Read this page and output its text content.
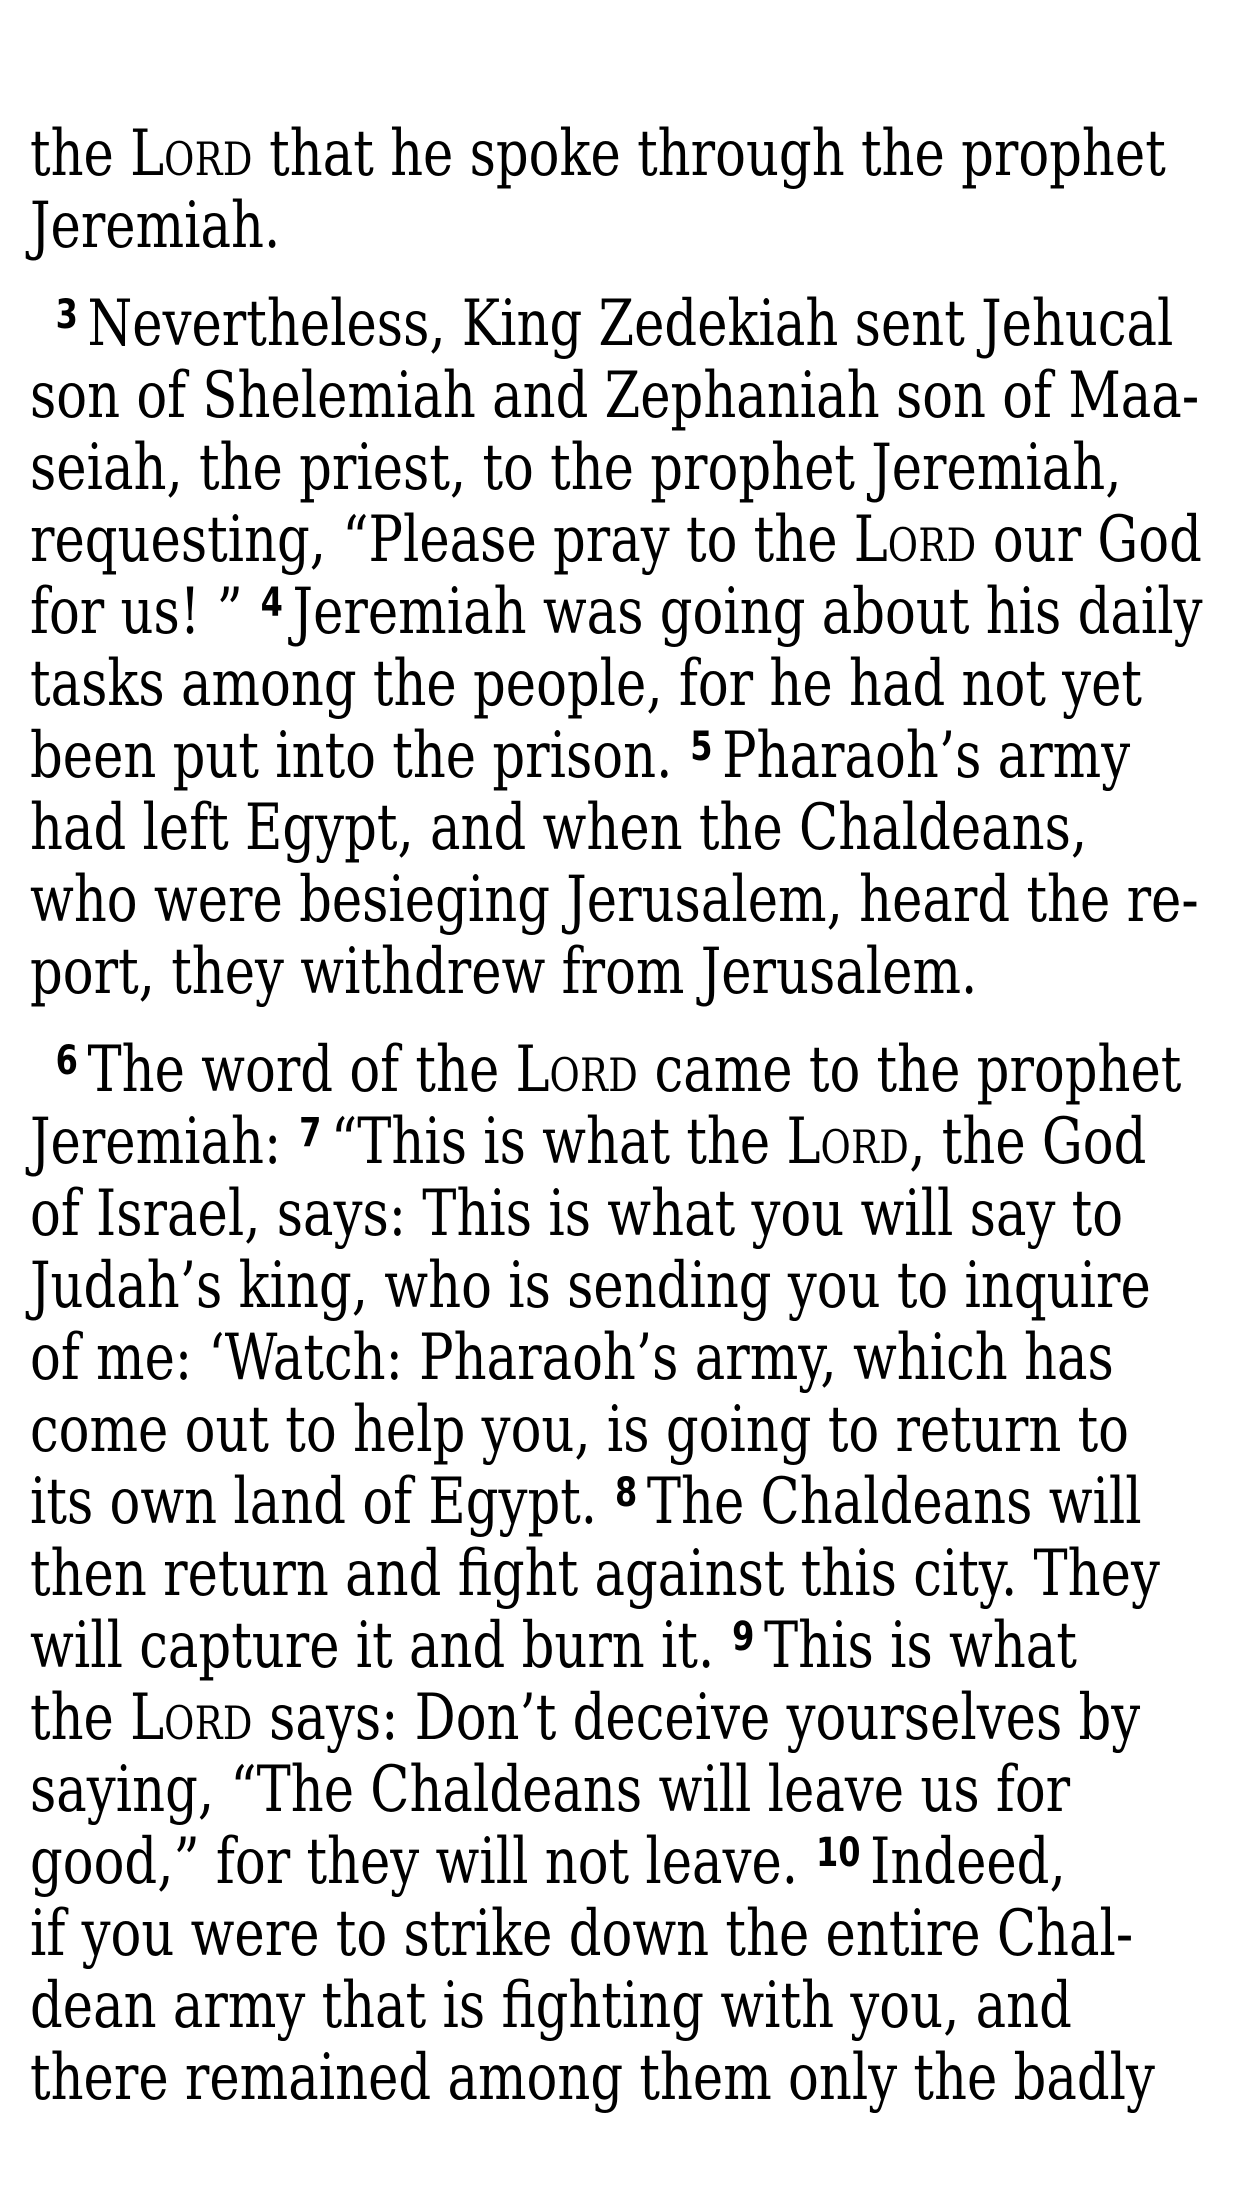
the LORD that he spoke through the prophet
Jeremiah.
$^3$ Nevertheless, King Zedekiah sent Jehucal
son of Shelemiah and Zephaniah son of Maa-
seiah, the priest, to the prophet Jeremiah,
requesting, “Please pray to the LORD our God
for us! ” $^4$ Jeremiah was going about his daily
tasks among the people, for he had not yet
been put into the prison. $^5$ Pharaoh’s army
had left Egypt, and when the Chaldeans,
who were besieging Jerusalem, heard the re-
port, they withdrew from Jerusalem.
$^6$ The word of the LORD came to the prophet
Jeremiah: $^7$ “This is what the LORD, the God
of Israel, says: This is what you will say to
Judah’s king, who is sending you to inquire
of me: ‘Watch: Pharaoh’s army, which has
come out to help you, is going to return to
its own land of Egypt. $^8$ The Chaldeans will
then return and fight against this city. They
will capture it and burn it. $^9$ This is what
the LORD says: Don’t deceive yourselves by
saying, “The Chaldeans will leave us for
good,” for they will not leave. $^{10}$ Indeed,
if you were to strike down the entire Chal-
dean army that is fighting with you, and
there remained among them only the badly
